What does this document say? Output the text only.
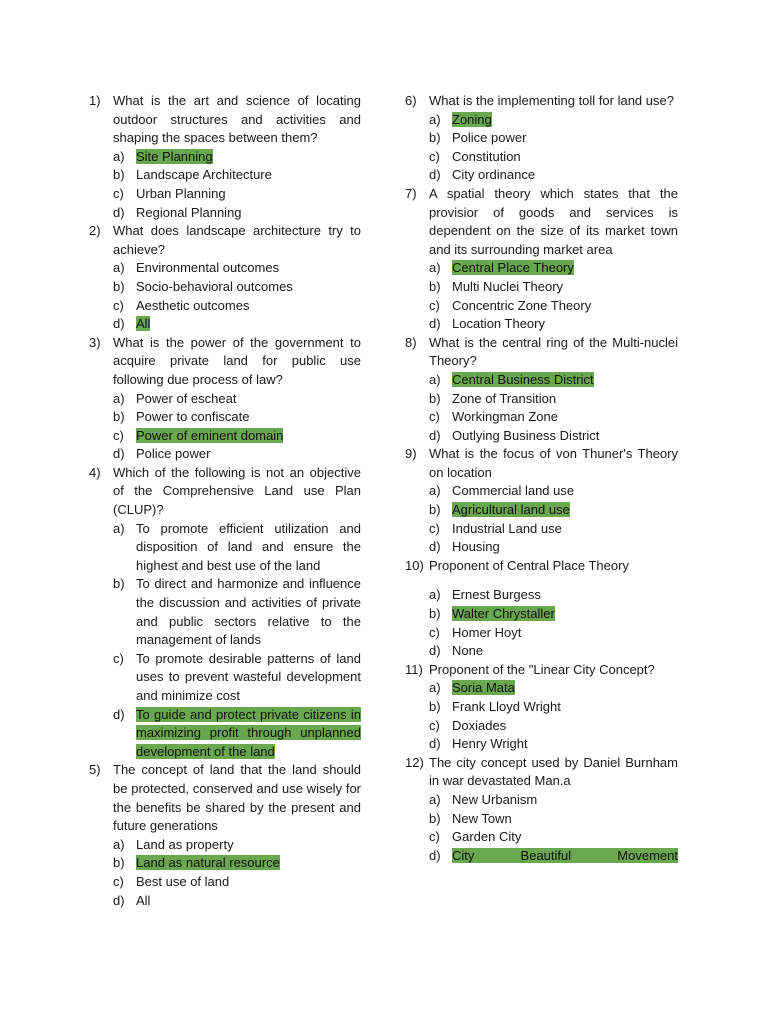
1) What is the art and science of locating outdoor structures and activities and shaping the spaces between them?
a) Site Planning
b) Landscape Architecture
c) Urban Planning
d) Regional Planning
2) What does landscape architecture try to achieve?
a) Environmental outcomes
b) Socio-behavioral outcomes
c) Aesthetic outcomes
d) All
3) What is the power of the government to acquire private land for public use following due process of law?
a) Power of escheat
b) Power to confiscate
c) Power of eminent domain
d) Police power
4) Which of the following is not an objective of the Comprehensive Land use Plan (CLUP)?
a) To promote efficient utilization and disposition of land and ensure the highest and best use of the land
b) To direct and harmonize and influence the discussion and activities of private and public sectors relative to the management of lands
c) To promote desirable patterns of land uses to prevent wasteful development and minimize cost
d) To guide and protect private citizens in maximizing profit through unplanned development of the land
5) The concept of land that the land should be protected, conserved and use wisely for the benefits be shared by the present and future generations
a) Land as property
b) Land as natural resource
c) Best use of land
d) All
6) What is the implementing toll for land use?
a) Zoning
b) Police power
c) Constitution
d) City ordinance
7) A spatial theory which states that the provisior of goods and services is dependent on the size of its market town and its surrounding market area
a) Central Place Theory
b) Multi Nuclei Theory
c) Concentric Zone Theory
d) Location Theory
8) What is the central ring of the Multi-nuclei Theory?
a) Central Business District
b) Zone of Transition
c) Workingman Zone
d) Outlying Business District
9) What is the focus of von Thuner's Theory on location
a) Commercial land use
b) Agricultural land use
c) Industrial Land use
d) Housing
10) Proponent of Central Place Theory
a) Ernest Burgess
b) Walter Chrystaller
c) Homer Hoyt
d) None
11) Proponent of the "Linear City Concept?
a) Soria Mata
b) Frank Lloyd Wright
c) Doxiades
d) Henry Wright
12) The city concept used by Daniel Burnham in war devastated Man.a
a) New Urbanism
b) New Town
c) Garden City
d) City Beautiful Movement
